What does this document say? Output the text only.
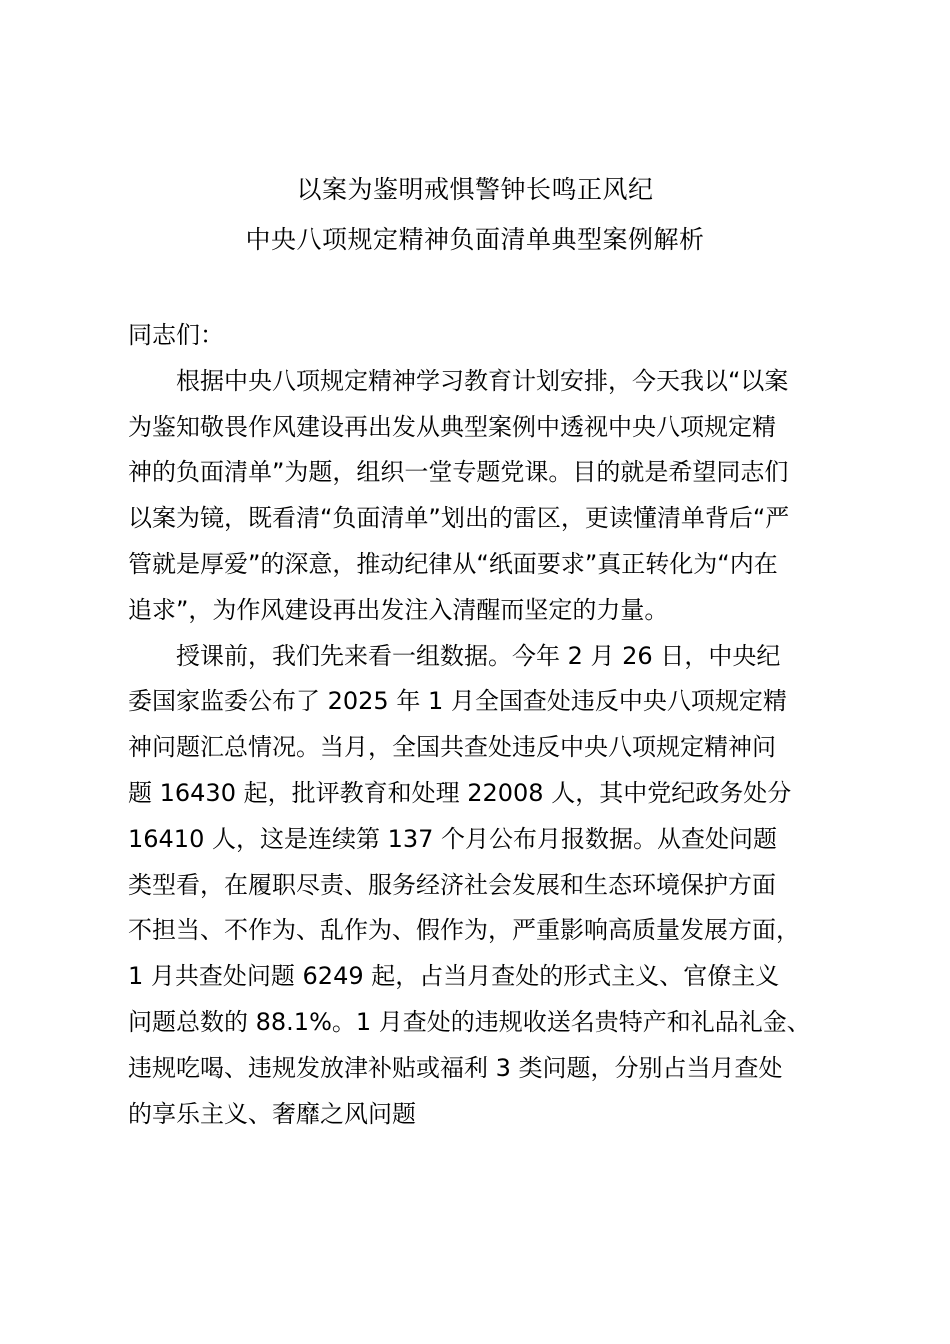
以案为鉴明戒惧警钟长鸣正风纪
中央八项规定精神负面清单典型案例解析
同志们：
根据中央八项规定精神学习教育计划安排，今天我以“以案
为鉴知敬畏作风建设再出发从典型案例中透视中央八项规定精
神的负面清单”为题，组织一堂专题党课。目的就是希望同志们
以案为镜，既看清“负面清单”划出的雷区，更读懂清单背后“严
管就是厚爱”的深意，推动纪律从“纸面要求”真正转化为“内在
追求”，为作风建设再出发注入清醒而坚定的力量。
授课前，我们先来看一组数据。今年 2 月 26 日，中央纪
委国家监委公布了 2025 年 1 月全国查处违反中央八项规定精
神问题汇总情况。当月，全国共查处违反中央八项规定精神问
题 16430 起，批评教育和处理 22008 人，其中党纪政务处分
16410 人，这是连续第 137 个月公布月报数据。从查处问题
类型看，在履职尽责、服务经济社会发展和生态环境保护方面
不担当、不作为、乱作为、假作为，严重影响高质量发展方面，
1 月共查处问题 6249 起，占当月查处的形式主义、官僚主义
问题总数的 88.1%。1 月查处的违规收送名贵特产和礼品礼金、
违规吃喝、违规发放津补贴或福利 3 类问题，分别占当月查处
的享乐主义、奢靡之风问题
